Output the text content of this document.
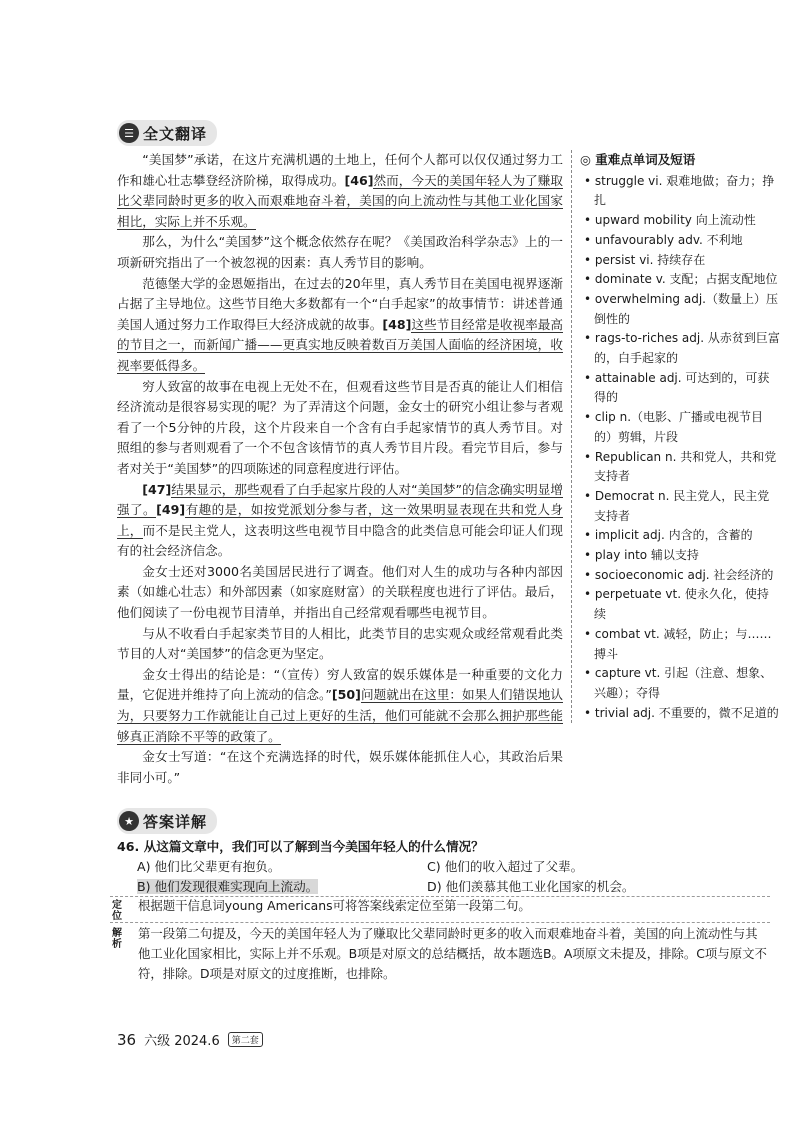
☰ 全文翻译

“美国梦”承诺，在这片充满机遇的土地上，任何个人都可以仅仅通过努力工作和雄心壮志攀登经济阶梯，取得成功。[46]然而，今天的美国年轻人为了赚取比父辈同龄时更多的收入而艰难地奋斗着，美国的向上流动性与其他工业化国家相比，实际上并不乐观。

那么，为什么“美国梦”这个概念依然存在呢？《美国政治科学杂志》上的一项新研究指出了一个被忽视的因素：真人秀节目的影响。

范德堡大学的金恩姬指出，在过去的20年里，真人秀节目在美国电视界逐渐占据了主导地位。这些节目绝大多数都有一个“白手起家”的故事情节：讲述普通美国人通过努力工作取得巨大经济成就的故事。[48]这些节目经常是收视率最高的节目之一，而新闻广播——更真实地反映着数百万美国人面临的经济困境，收视率要低得多。

穷人致富的故事在电视上无处不在，但观看这些节目是否真的能让人们相信经济流动是很容易实现的呢？为了弄清这个问题，金女士的研究小组让参与者观看了一个5分钟的片段，这个片段来自一个含有白手起家情节的真人秀节目。对照组的参与者则观看了一个不包含该情节的真人秀节目片段。看完节目后，参与者对关于“美国梦”的四项陈述的同意程度进行评估。

[47]结果显示，那些观看了白手起家片段的人对“美国梦”的信念确实明显增强了。[49]有趣的是，如按党派划分参与者，这一效果明显表现在共和党人身上，而不是民主党人，这表明这些电视节目中隐含的此类信息可能会印证人们现有的社会经济信念。

金女士还对3000名美国居民进行了调查。他们对人生的成功与各种内部因素（如雄心壮志）和外部因素（如家庭财富）的关联程度也进行了评估。最后，他们阅读了一份电视节目清单，并指出自己经常观看哪些电视节目。

与从不收看白手起家类节目的人相比，此类节目的忠实观众或经常观看此类节目的人对“美国梦”的信念更为坚定。

金女士得出的结论是：“（宣传）穷人致富的娱乐媒体是一种重要的文化力量，它促进并维持了向上流动的信念。”[50]问题就出在这里：如果人们错误地认为，只要努力工作就能让自己过上更好的生活，他们可能就不会那么拥护那些能够真正消除不平等的政策了。

金女士写道：“在这个充满选择的时代，娱乐媒体能抓住人心，其政治后果非同小可。”

◎ 重难点单词及短语
• struggle vi. 艰难地做；奋力；挣扎
• upward mobility 向上流动性
• unfavourably adv. 不利地
• persist vi. 持续存在
• dominate v. 支配；占据支配地位
• overwhelming adj.（数量上）压倒性的
• rags-to-riches adj. 从赤贫到巨富的，白手起家的
• attainable adj. 可达到的，可获得的
• clip n.（电影、广播或电视节目的）剪辑，片段
• Republican n. 共和党人，共和党支持者
• Democrat n. 民主党人，民主党支持者
• implicit adj. 内含的，含蓄的
• play into 辅以支持
• socioeconomic adj. 社会经济的
• perpetuate vt. 使永久化，使持续
• combat vt. 减轻，防止；与……搏斗
• capture vt. 引起（注意、想象、兴趣）；夺得
• trivial adj. 不重要的，微不足道的
★ 答案详解
46. 从这篇文章中，我们可以了解到当今美国年轻人的什么情况？
A) 他们比父辈更有抱负。	C) 他们的收入超过了父辈。
B) 他们发现很难实现向上流动。	D) 他们羡慕其他工业化国家的机会。
定位
根据题干信息词young Americans可将答案线索定位至第一段第二句。
解析
第一段第二句提及，今天的美国年轻人为了赚取比父辈同龄时更多的收入而艰难地奋斗着，美国的向上流动性与其他工业化国家相比，实际上并不乐观。B项是对原文的总结概括，故本题选B。A项原文未提及，排除。C项与原文不符，排除。D项是对原文的过度推断，也排除。
36 六级 2024.6	第二套
